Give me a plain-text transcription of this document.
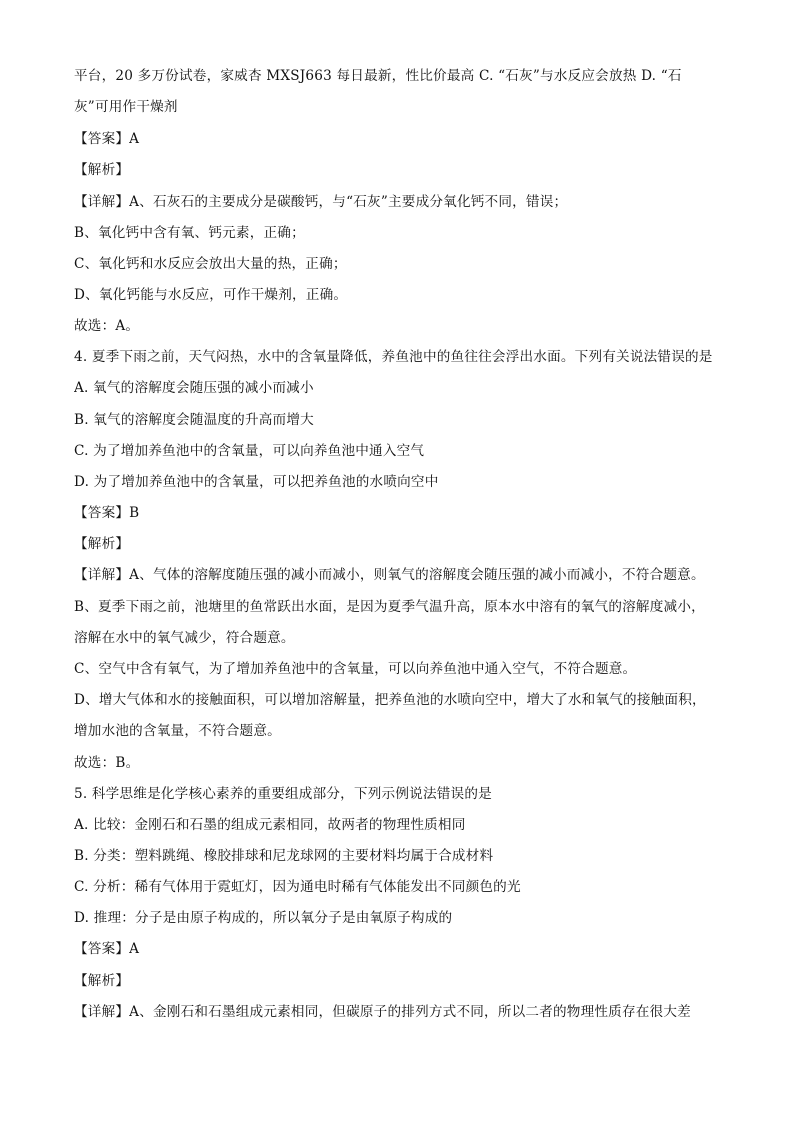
平台，20 多万份试卷，家威杏 MXSJ663 每日最新，性比价最高 C. “石灰”与水反应会放热 D. “石
灰”可用作干燥剂
【答案】A
【解析】
【详解】A、石灰石的主要成分是碳酸钙，与“石灰”主要成分氧化钙不同，错误；
B、氧化钙中含有氧、钙元素，正确；
C、氧化钙和水反应会放出大量的热，正确；
D、氧化钙能与水反应，可作干燥剂，正确。
故选：A。
4. 夏季下雨之前，天气闷热，水中的含氧量降低，养鱼池中的鱼往往会浮出水面。下列有关说法错误的是
A. 氧气的溶解度会随压强的减小而减小
B. 氧气的溶解度会随温度的升高而增大
C. 为了增加养鱼池中的含氧量，可以向养鱼池中通入空气
D. 为了增加养鱼池中的含氧量，可以把养鱼池的水喷向空中
【答案】B
【解析】
【详解】A、气体的溶解度随压强的减小而减小，则氧气的溶解度会随压强的减小而减小，不符合题意。
B、夏季下雨之前，池塘里的鱼常跃出水面，是因为夏季气温升高，原本水中溶有的氧气的溶解度减小，
溶解在水中的氧气减少，符合题意。
C、空气中含有氧气，为了增加养鱼池中的含氧量，可以向养鱼池中通入空气，不符合题意。
D、增大气体和水的接触面积，可以增加溶解量，把养鱼池的水喷向空中，增大了水和氧气的接触面积，
增加水池的含氧量，不符合题意。
故选：B。
5. 科学思维是化学核心素养的重要组成部分，下列示例说法错误的是
A. 比较：金刚石和石墨的组成元素相同，故两者的物理性质相同
B. 分类：塑料跳绳、橡胶排球和尼龙球网的主要材料均属于合成材料
C. 分析：稀有气体用于霓虹灯，因为通电时稀有气体能发出不同颜色的光
D. 推理：分子是由原子构成的，所以氧分子是由氧原子构成的
【答案】A
【解析】
【详解】A、金刚石和石墨组成元素相同，但碳原子的排列方式不同，所以二者的物理性质存在很大差
